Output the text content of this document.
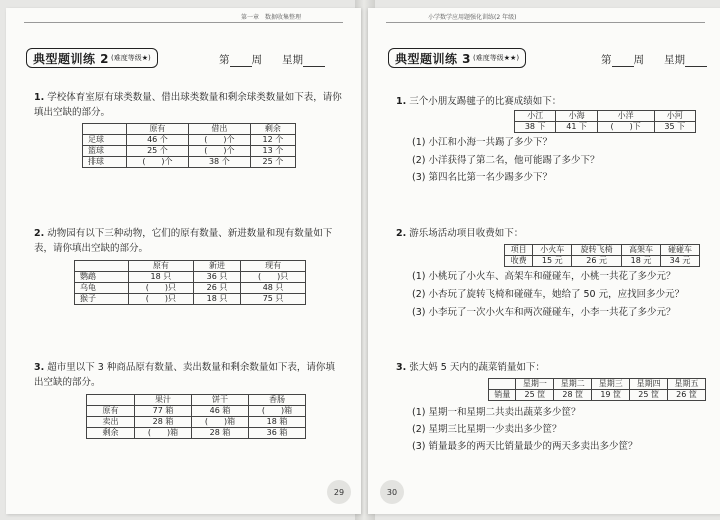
第一章　数据收集整理
典型题训练 2 (难度等级★)	第 周 星期
1. 学校体育室原有球类数量、借出球类数量和剩余球类数量如下表，请你填出空缺的部分。
	原有	借出	剩余
足球	46 个	(　　)个	12 个
篮球	25 个	(　　)个	13 个
排球	(　　)个	38 个	25 个
2. 动物园有以下三种动物，它们的原有数量、新进数量和现有数量如下表，请你填出空缺的部分。
	原有	新进	现有
鹦鹉	18 只	36 只	(　　)只
乌龟	(　　)只	26 只	48 只
猴子	(　　)只	18 只	75 只
3. 超市里以下 3 种商品原有数量、卖出数量和剩余数量如下表，请你填出空缺的部分。
	果汁	饼干	香肠
原有	77 箱	46 箱	(　　)箱
卖出	28 箱	(　　)箱	18 箱
剩余	(　　)箱	28 箱	36 箱
29
小学数学应用题强化训练(2 年级)
典型题训练 3 (难度等级★★)	第 周 星期
1. 三个小朋友踢毽子的比赛成绩如下：
小江	小海	小洋	小河
38 下	41 下	(　　)下	35 下
(1) 小江和小海一共踢了多少下？
(2) 小洋获得了第二名，他可能踢了多少下？
(3) 第四名比第一名少踢多少下？
2. 游乐场活动项目收费如下：
项目	小火车	旋转飞椅	高架车	碰碰车
收费	15 元	26 元	18 元	34 元
(1) 小桃玩了小火车、高架车和碰碰车，小桃一共花了多少元？
(2) 小杏玩了旋转飞椅和碰碰车，她给了 50 元，应找回多少元？
(3) 小李玩了一次小火车和两次碰碰车，小李一共花了多少元？
3. 张大妈 5 天内的蔬菜销量如下：
	星期一	星期二	星期三	星期四	星期五
销量	25 筐	28 筐	19 筐	25 筐	26 筐
(1) 星期一和星期二共卖出蔬菜多少筐？
(2) 星期三比星期一少卖出多少筐？
(3) 销量最多的两天比销量最少的两天多卖出多少筐？
30
